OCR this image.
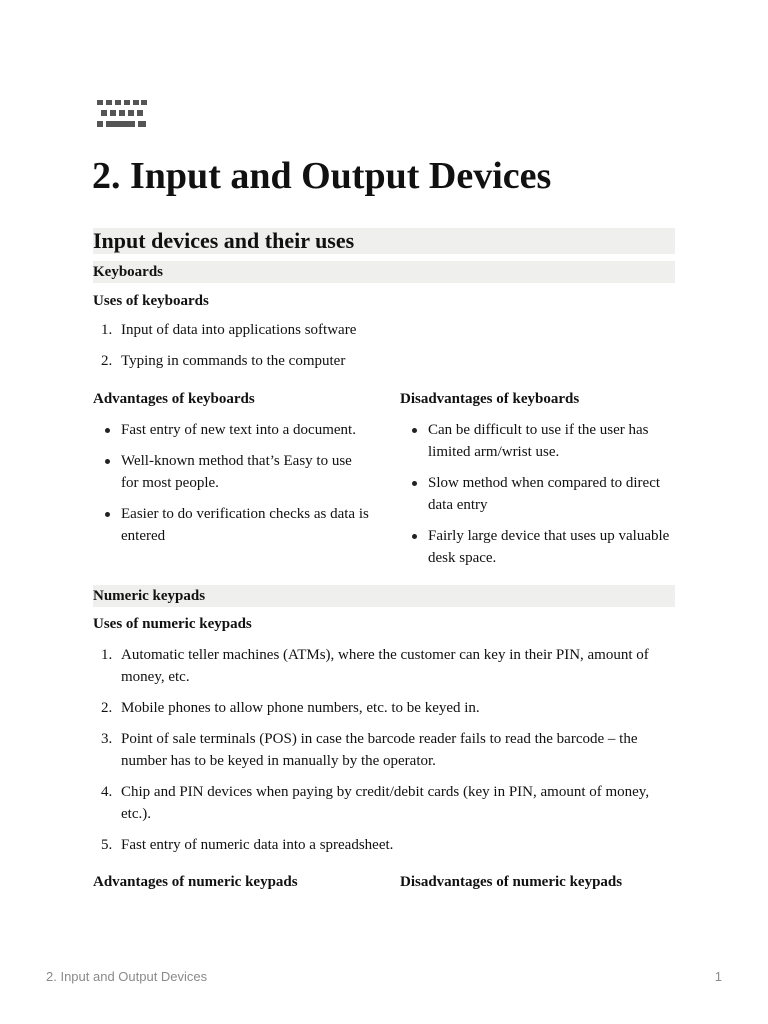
2. Input and Output Devices
Input devices and their uses
Keyboards
Uses of keyboards
1. Input of data into applications software
2. Typing in commands to the computer
Advantages of keyboards	Disadvantages of keyboards
Fast entry of new text into a document.
Well-known method that’s Easy to use for most people.
Easier to do verification checks as data is entered
Can be difficult to use if the user has limited arm/wrist use.
Slow method when compared to direct data entry
Fairly large device that uses up valuable desk space.
Numeric keypads
Uses of numeric keypads
1. Automatic teller machines (ATMs), where the customer can key in their PIN, amount of money, etc.
2. Mobile phones to allow phone numbers, etc. to be keyed in.
3. Point of sale terminals (POS) in case the barcode reader fails to read the barcode – the number has to be keyed in manually by the operator.
4. Chip and PIN devices when paying by credit/debit cards (key in PIN, amount of money, etc.).
5. Fast entry of numeric data into a spreadsheet.
Advantages of numeric keypads	Disadvantages of numeric keypads
2. Input and Output Devices	1
